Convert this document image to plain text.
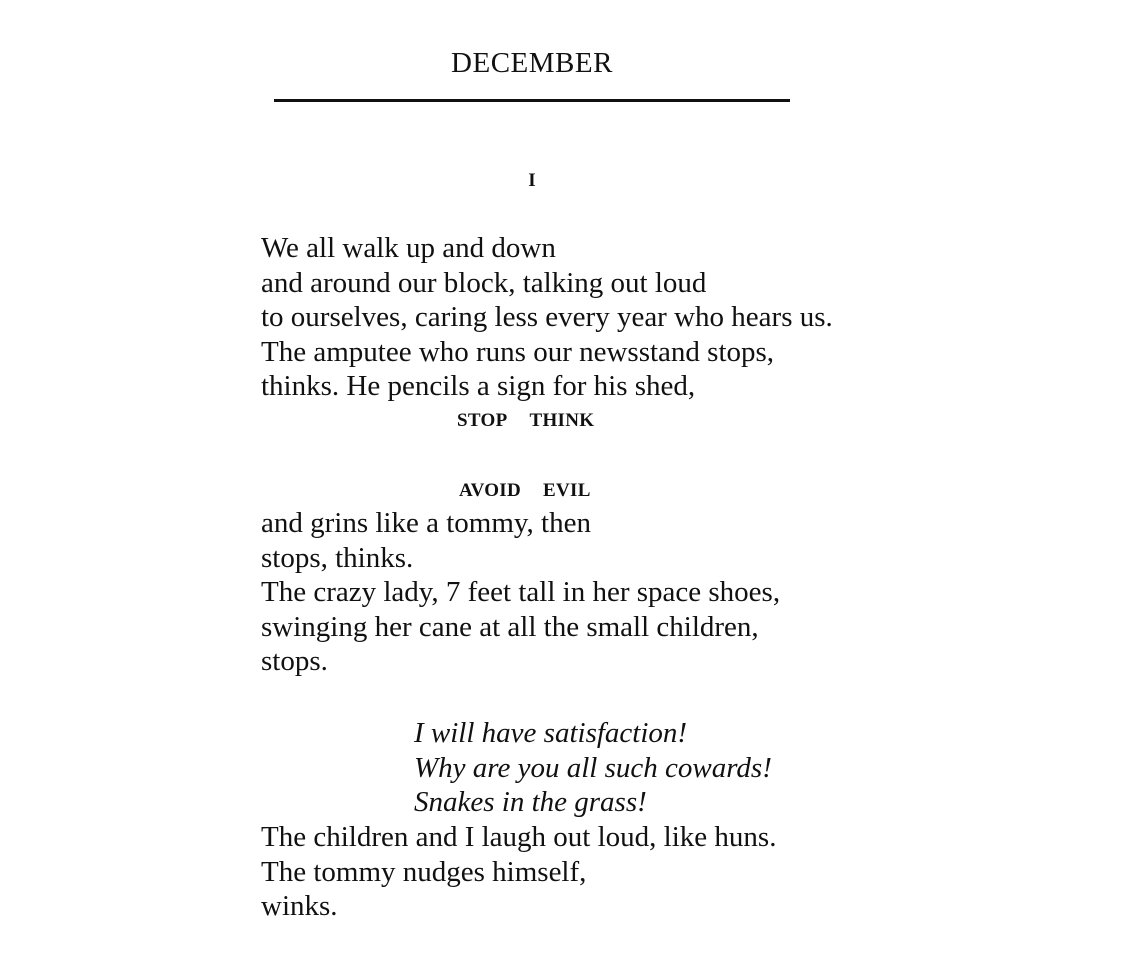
DECEMBER
I
We all walk up and down
and around our block, talking out loud
to ourselves, caring less every year who hears us.
The amputee who runs our newsstand stops,
thinks. He pencils a sign for his shed,
STOP THINK
AVOID EVIL
and grins like a tommy, then
stops, thinks.
The crazy lady, 7 feet tall in her space shoes,
swinging her cane at all the small children,
stops.
I will have satisfaction!
Why are you all such cowards!
Snakes in the grass!
The children and I laugh out loud, like huns.
The tommy nudges himself,
winks.
